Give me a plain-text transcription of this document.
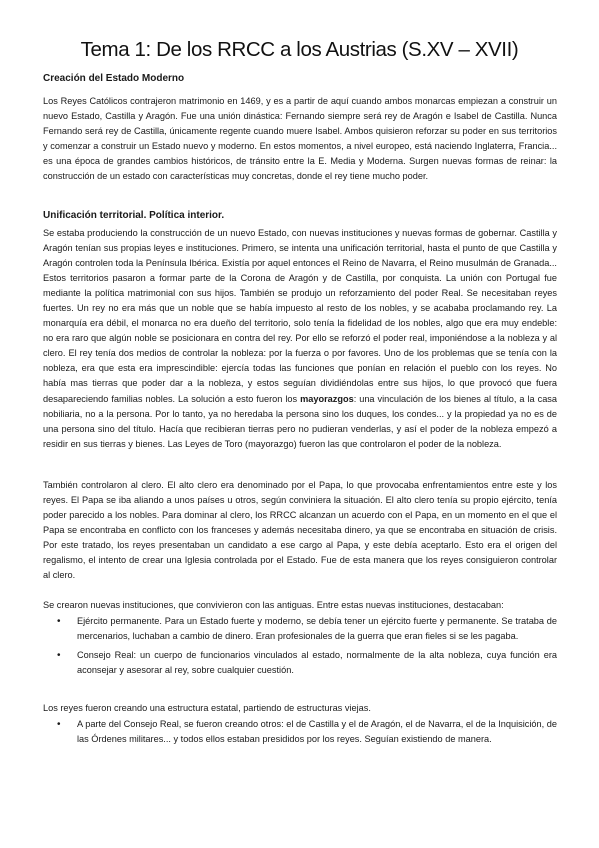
Tema 1: De los RRCC a los Austrias (S.XV – XVII)
Creación del Estado Moderno

Los Reyes Católicos contrajeron matrimonio en 1469, y es a partir de aquí cuando ambos monarcas empiezan a construir un nuevo Estado, Castilla y Aragón. Fue una unión dinástica: Fernando siempre será rey de Aragón e Isabel de Castilla. Nunca Fernando será rey de Castilla, únicamente regente cuando muere Isabel. Ambos quisieron reforzar su poder en sus territorios y comenzar a construir un Estado nuevo y moderno. En estos momentos, a nivel europeo, está naciendo Inglaterra, Francia... es una época de grandes cambios históricos, de tránsito entre la E. Media y Moderna. Surgen nuevas formas de reinar: la construcción de un estado con características muy concretas, donde el rey tiene mucho poder.

Unificación territorial. Política interior.

Se estaba produciendo la construcción de un nuevo Estado, con nuevas instituciones y nuevas formas de gobernar. Castilla y Aragón tenían sus propias leyes e instituciones. Primero, se intenta una unificación territorial, hasta el punto de que Castilla y Aragón controlen toda la Península Ibérica. Existía por aquel entonces el Reino de Navarra, el Reino musulmán de Granada... Estos territorios pasaron a formar parte de la Corona de Aragón y de Castilla, por conquista. La unión con Portugal fue mediante la política matrimonial con sus hijos. También se produjo un reforzamiento del poder Real. Se necesitaban reyes fuertes. Un rey no era más que un noble que se había impuesto al resto de los nobles, y se acababa proclamando rey. La monarquía era débil, el monarca no era dueño del territorio, solo tenía la fidelidad de los nobles, algo que era muy endeble: no era raro que algún noble se posicionara en contra del rey. Por ello se reforzó el poder real, imponiéndose a la nobleza y al clero. El rey tenía dos medios de controlar la nobleza: por la fuerza o por favores. Uno de los problemas que se tenía con la nobleza, era que esta era imprescindible: ejercía todas las funciones que ponían en relación el pueblo con los reyes. No había mas tierras que poder dar a la nobleza, y estos seguían dividiéndolas entre sus hijos, lo que provocó que fuera desapareciendo familias nobles. La solución a esto fueron los mayorazgos: una vinculación de los bienes al título, a la casa nobiliaria, no a la persona. Por lo tanto, ya no heredaba la persona sino los duques, los condes... y la propiedad ya no es de una persona sino del título. Hacía que recibieran tierras pero no pudieran venderlas, y así el poder de la nobleza empezó a residir en sus tierras y bienes. Las Leyes de Toro (mayorazgo) fueron las que controlaron el poder de la nobleza.

También controlaron al clero. El alto clero era denominado por el Papa, lo que provocaba enfrentamientos entre este y los reyes. El Papa se iba aliando a unos países u otros, según conviniera la situación. El alto clero tenía su propio ejército, tenía poder parecido a los nobles. Para dominar al clero, los RRCC alcanzan un acuerdo con el Papa, en un momento en el que el Papa se encontraba en conflicto con los franceses y además necesitaba dinero, ya que se encontraba en situación de crisis. Por este tratado, los reyes presentaban un candidato a ese cargo al Papa, y este debía aceptarlo. Esto era el origen del regalismo, el intento de crear una Iglesia controlada por el Estado. Fue de esta manera que los reyes consiguieron controlar al clero.

Se crearon nuevas instituciones, que convivieron con las antiguas. Entre estas nuevas instituciones, destacaban:

• Ejército permanente. Para un Estado fuerte y moderno, se debía tener un ejército fuerte y permanente. Se trataba de mercenarios, luchaban a cambio de dinero. Eran profesionales de la guerra que eran fieles si se les pagaba.
• Consejo Real: un cuerpo de funcionarios vinculados al estado, normalmente de la alta nobleza, cuya función era aconsejar y asesorar al rey, sobre cualquier cuestión.

Los reyes fueron creando una estructura estatal, partiendo de estructuras viejas.

• A parte del Consejo Real, se fueron creando otros: el de Castilla y el de Aragón, el de Navarra, el de la Inquisición, de las Órdenes militares... y todos ellos estaban presididos por los reyes. Seguían existiendo de manera.
